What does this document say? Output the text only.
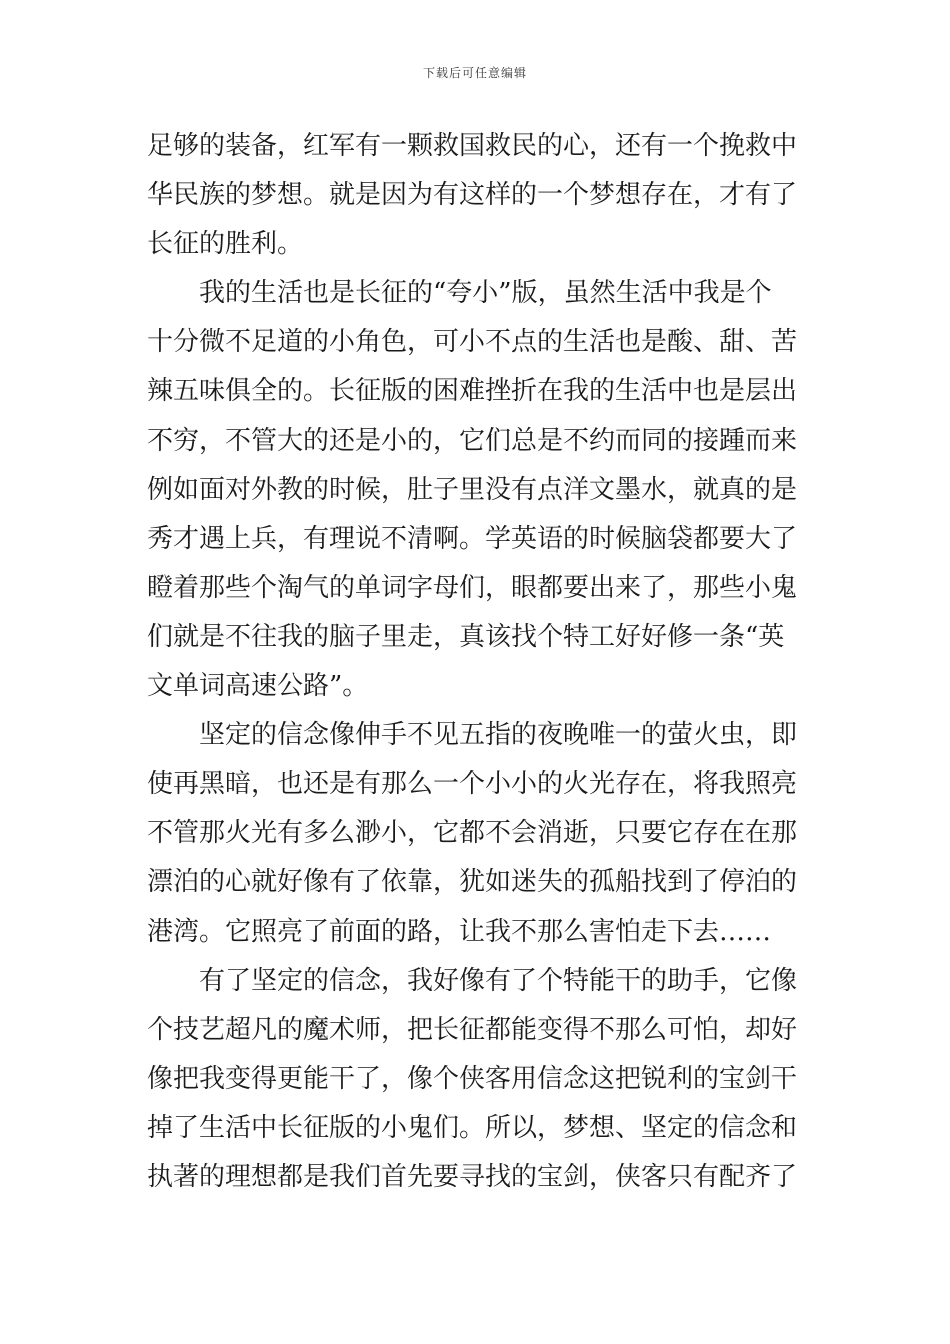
下载后可任意编辑
足够的装备，红军有一颗救国救民的心，还有一个挽救中
华民族的梦想。就是因为有这样的一个梦想存在，才有了
长征的胜利。
我的生活也是长征的“夸小”版，虽然生活中我是个
十分微不足道的小角色，可小不点的生活也是酸、甜、苦
辣五味俱全的。长征版的困难挫折在我的生活中也是层出
不穷，不管大的还是小的，它们总是不约而同的接踵而来
例如面对外教的时候，肚子里没有点洋文墨水，就真的是
秀才遇上兵，有理说不清啊。学英语的时候脑袋都要大了
瞪着那些个淘气的单词字母们，眼都要出来了，那些小鬼
们就是不往我的脑子里走，真该找个特工好好修一条“英
文单词高速公路”。
坚定的信念像伸手不见五指的夜晚唯一的萤火虫，即
使再黑暗，也还是有那么一个小小的火光存在，将我照亮
不管那火光有多么渺小，它都不会消逝，只要它存在在那
漂泊的心就好像有了依靠，犹如迷失的孤船找到了停泊的
港湾。它照亮了前面的路，让我不那么害怕走下去……
有了坚定的信念，我好像有了个特能干的助手，它像
个技艺超凡的魔术师，把长征都能变得不那么可怕，却好
像把我变得更能干了，像个侠客用信念这把锐利的宝剑干
掉了生活中长征版的小鬼们。所以，梦想、坚定的信念和
执著的理想都是我们首先要寻找的宝剑，侠客只有配齐了
